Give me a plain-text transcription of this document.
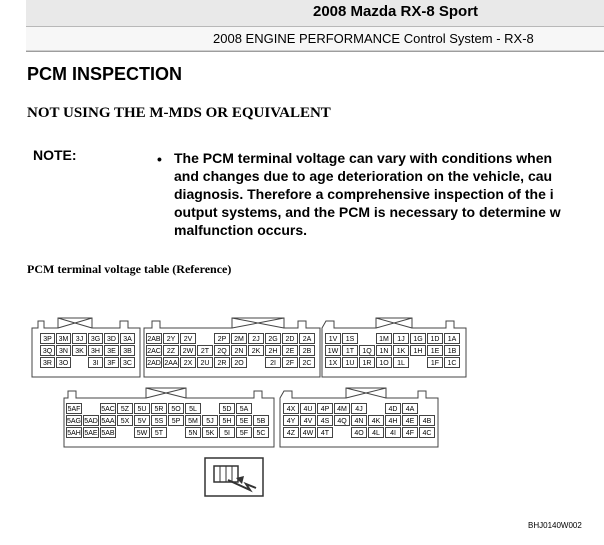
2008 Mazda RX-8 Sport
2008 ENGINE PERFORMANCE Control System - RX-8
PCM INSPECTION
NOT USING THE M-MDS OR EQUIVALENT
NOTE:	• The PCM terminal voltage can vary with conditions when
and changes due to age deterioration on the vehicle, cau
diagnosis. Therefore a comprehensive inspection of the i
output systems, and the PCM is necessary to determine w
malfunction occurs.
PCM terminal voltage table (Reference)
3P 3M	3J	3G 3D	3A
3Q 3N	3K	3H	3E	3B
3R 3O	3I	3F	3C
2AB 2Y	2V	2P	2M	2J	2G	2D	2A
2AC 2Z	2W	2T	2Q	2N	2K	2H	2E	2B
2AD 2AA 2X	2U	2R	2O	2I	2F	2C
1V	1S	1M	1J	1G	1D	1A
1W	1T	1Q	1N	1K	1H	1E	1B
1X	1U	1R	1O	1L	1F	1C
5AF	5AC 5Z	5U	5R	5O	5L	5D	5A
5AG 5AD 5AA 5X	5V	5S	5P	5M	5J	5H	5E	5B
5AH 5AE 5AB	5W	5T	5N	5K	5I	5F	5C
4X	4U	4P	4M	4J	4D	4A
4Y	4V	4S	4Q	4N	4K	4H	4E	4B
4Z	4W	4T	4O	4L	4I	4F	4C
BHJ0140W002
